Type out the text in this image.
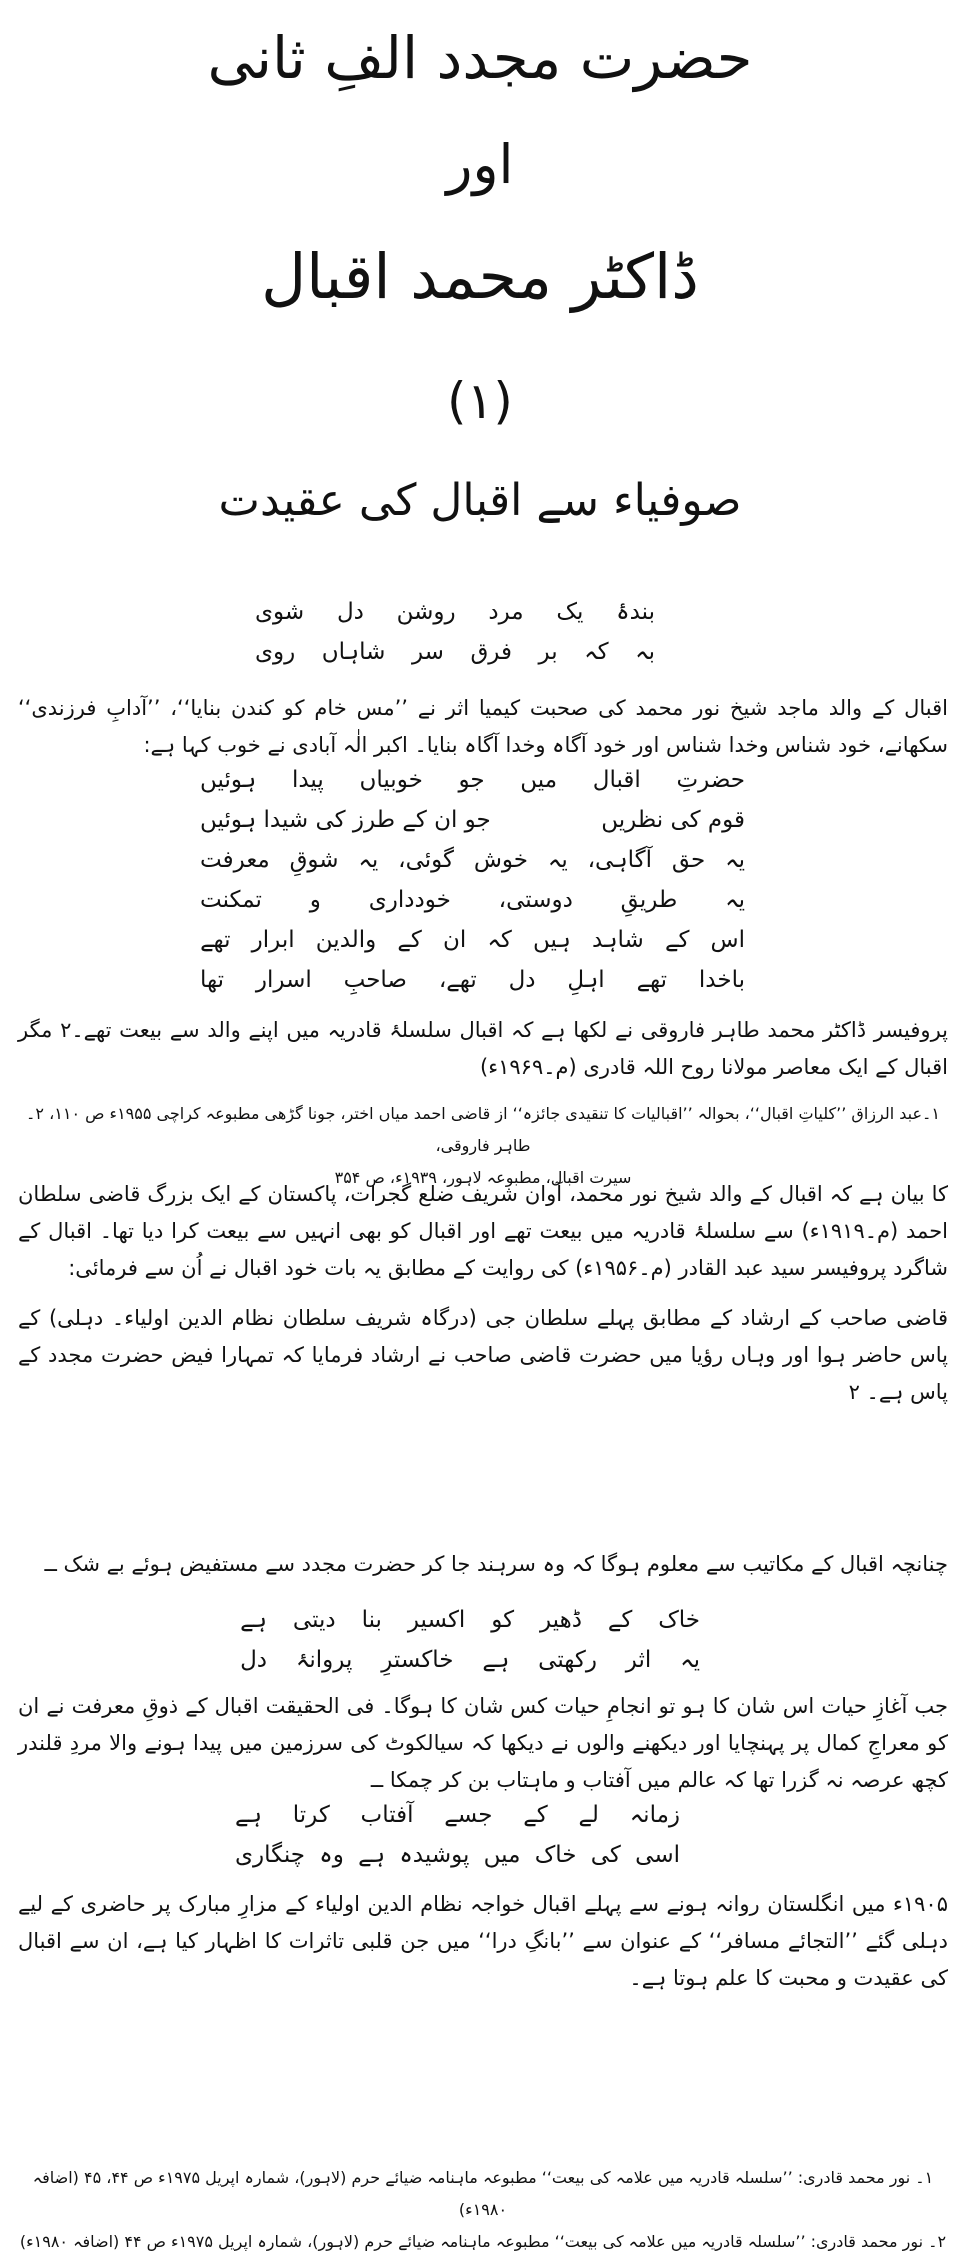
حضرت مجدد الفِ ثانی
اور
ڈاکٹر محمد اقبال
(۱)
صوفیاء سے اقبال کی عقیدت
بندۂ
یک
مرد
روشن
دل
شوی
بہ
کہ
بر
فرق
سر
شاہاں
روی
اقبال کے والد ماجد شیخ نور محمد کی صحبت کیمیا اثر نے ’’مس خام کو کندن بنایا‘‘، ’’آدابِ فرزندی‘‘ سکھانے، خود شناس وخدا شناس اور خود آگاہ وخدا آگاہ بنایا۔ اکبر الٰہ آبادی نے خوب کہا ہے:
حضرتِ
اقبال
میں
جو
خوبیاں
پیدا
ہوئیں
قوم کی نظریں
جو ان کے طرز کی شیدا ہوئیں
یہ
حق
آگاہی،
یہ
خوش
گوئی،
یہ
شوقِ
معرفت
یہ
طریقِ
دوستی،
خودداری
و
تمکنت
اس
کے
شاہد
ہیں
کہ
ان
کے
والدین
ابرار
تھے
باخدا
تھے
اہلِ
دل
تھے،
صاحبِ
اسرار
تھا
پروفیسر ڈاکٹر محمد طاہر فاروقی نے لکھا ہے کہ اقبال سلسلۂ قادریہ میں اپنے والد سے بیعت تھے۔۲ مگر اقبال کے ایک معاصر مولانا روح اللہ قادری (م۔۱۹۶۹ء)
۱۔عبد الرزاق ’’کلیاتِ اقبال‘‘، بحوالہ ’’اقبالیات کا تنقیدی جائزہ‘‘ از قاضی احمد میاں اختر، جونا گڑھی مطبوعہ کراچی ۱۹۵۵ء ص ۱۱۰، ۲۔ طاہر فاروقی،
سیرت اقبال، مطبوعہ لاہور، ۱۹۳۹ء، ص ۳۵۴
کا بیان ہے کہ اقبال کے والد شیخ نور محمد، آوان شریف ضلع گجرات، پاکستان کے ایک بزرگ قاضی سلطان احمد (م۔۱۹۱۹ء) سے سلسلۂ قادریہ میں بیعت تھے اور اقبال کو بھی انہیں سے بیعت کرا دیا تھا۔ اقبال کے شاگرد پروفیسر سید عبد القادر (م۔۱۹۵۶ء) کی روایت کے مطابق یہ بات خود اقبال نے اُن سے فرمائی:
قاضی صاحب کے ارشاد کے مطابق پہلے سلطان جی (درگاہ شریف سلطان نظام الدین اولیاء۔ دہلی) کے پاس حاضر ہوا اور وہاں رؤیا میں حضرت قاضی صاحب نے ارشاد فرمایا کہ تمہارا فیض حضرت مجدد کے پاس ہے۔ ۲
چنانچہ اقبال کے مکاتیب سے معلوم ہوگا کہ وہ سرہند جا کر حضرت مجدد سے مستفیض ہوئے بے شک ــ
خاک
کے
ڈھیر
کو
اکسیر
بنا
دیتی
ہے
یہ
اثر
رکھتی
ہے
خاکسترِ
پروانۂ
دل
جب آغازِ حیات اس شان کا ہو تو انجامِ حیات کس شان کا ہوگا۔ فی الحقیقت اقبال کے ذوقِ معرفت نے ان کو معراجِ کمال پر پہنچایا اور دیکھنے والوں نے دیکھا کہ سیالکوٹ کی سرزمین میں پیدا ہونے والا مردِ قلندر کچھ عرصہ نہ گزرا تھا کہ عالم میں آفتاب و ماہتاب بن کر چمکا ــ
زمانہ
لے
کے
جسے
آفتاب
کرتا
ہے
اسی
کی
خاک
میں
پوشیدہ
ہے
وہ
چنگاری
۱۹۰۵ء میں انگلستان روانہ ہونے سے پہلے اقبال خواجہ نظام الدین اولیاء کے مزارِ مبارک پر حاضری کے لیے دہلی گئے ’’التجائے مسافر‘‘ کے عنوان سے ’’بانگِ درا‘‘ میں جن قلبی تاثرات کا اظہار کیا ہے، ان سے اقبال کی عقیدت و محبت کا علم ہوتا ہے۔
۱۔ نور محمد قادری: ’’سلسلہ قادریہ میں علامہ کی بیعت‘‘ مطبوعہ ماہنامہ ضیائے حرم (لاہور)، شمارہ اپریل ۱۹۷۵ء ص ۴۴، ۴۵ (اضافہ ۱۹۸۰ء)
۲۔ نور محمد قادری: ’’سلسلہ قادریہ میں علامہ کی بیعت‘‘ مطبوعہ ماہنامہ ضیائے حرم (لاہور)، شمارہ اپریل ۱۹۷۵ء ص ۴۴ (اضافہ ۱۹۸۰ء)
